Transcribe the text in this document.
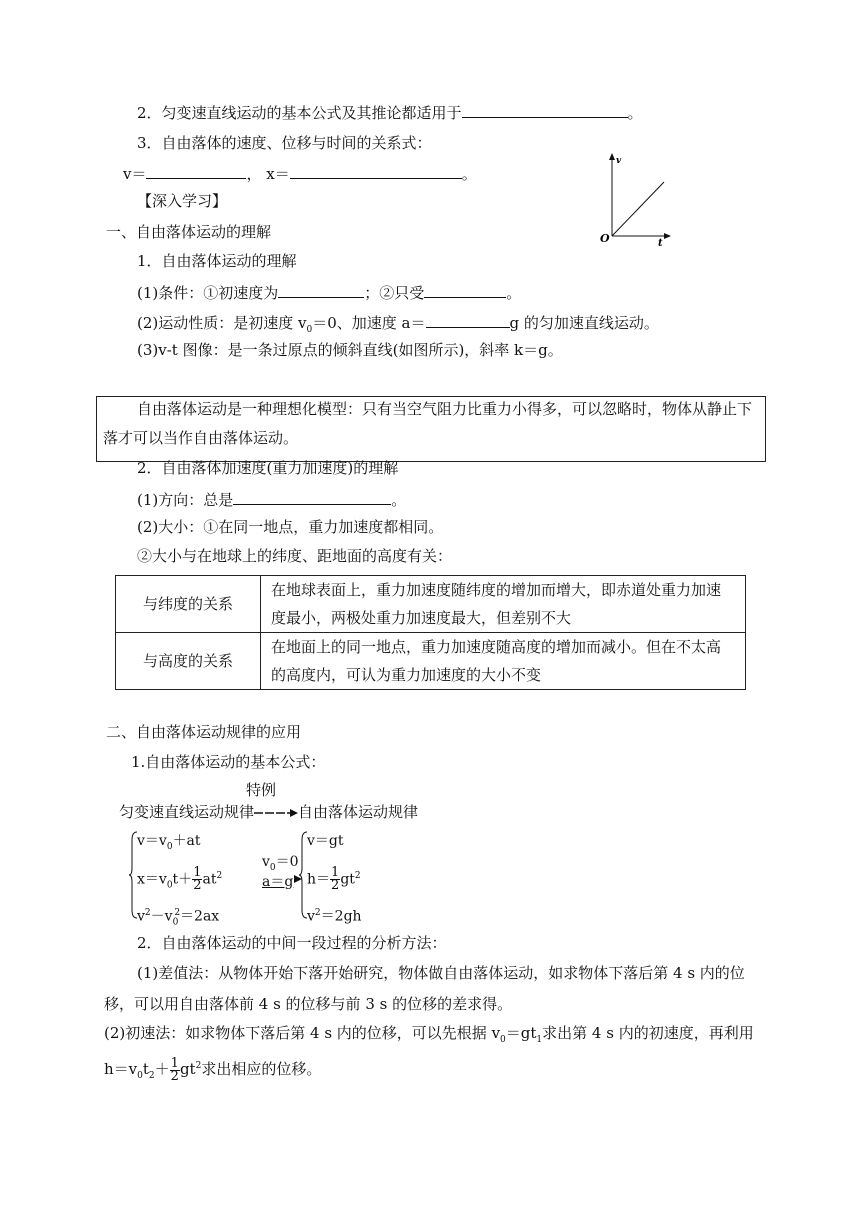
2．匀变速直线运动的基本公式及其推论都适用于	。
3．自由落体的速度、位移与时间的关系式：
v＝	， x＝	。
v
t
O
【深入学习】
一、自由落体运动的理解
1．自由落体运动的理解
(1)条件：①初速度为	；②只受	。
(2)运动性质：是初速度 $v_0=0$、加速度 a＝	g 的匀加速直线运动。
(3)v-t 图像：是一条过原点的倾斜直线(如图所示)，斜率 k＝g。
自由落体运动是一种理想化模型：只有当空气阻力比重力小得多，可以忽略时，物体从静止下
落才可以当作自由落体运动。
2．自由落体加速度(重力加速度)的理解
(1)方向：总是	。
(2)大小：①在同一地点，重力加速度都相同。
②大小与在地球上的纬度、距地面的高度有关：
与纬度的关系	在地球表面上，重力加速度随纬度的增加而增大，即赤道处重力加速
度最小，两极处重力加速度最大，但差别不大

与高度的关系	在地面上的同一地点，重力加速度随高度的增加而减小。但在不太高
的高度内，可认为重力加速度的大小不变
二、自由落体运动规律的应用
1.自由落体运动的基本公式：
特例
匀变速直线运动规律	自由落体运动规律
$v=v_0+at$
$x=v_0t+ \frac{1}{2} at^2$
$v^2-v_0^2=2ax$
$v_0=0$
a＝g
v＝gt
$h= \frac{1}{2} gt^2$
$v^2=2gh$
2．自由落体运动的中间一段过程的分析方法：
(1)差值法：从物体开始下落开始研究，物体做自由落体运动，如求物体下落后第 4 s 内的位
移，可以用自由落体前 4 s 的位移与前 3 s 的位移的差求得。
(2)初速法：如求物体下落后第 4 s 内的位移，可以先根据 $v_0=gt_1$求出第 4 s 内的初速度，再利用
$h=v_0t_2+ \frac{1}{2} gt^2$求出相应的位移。
